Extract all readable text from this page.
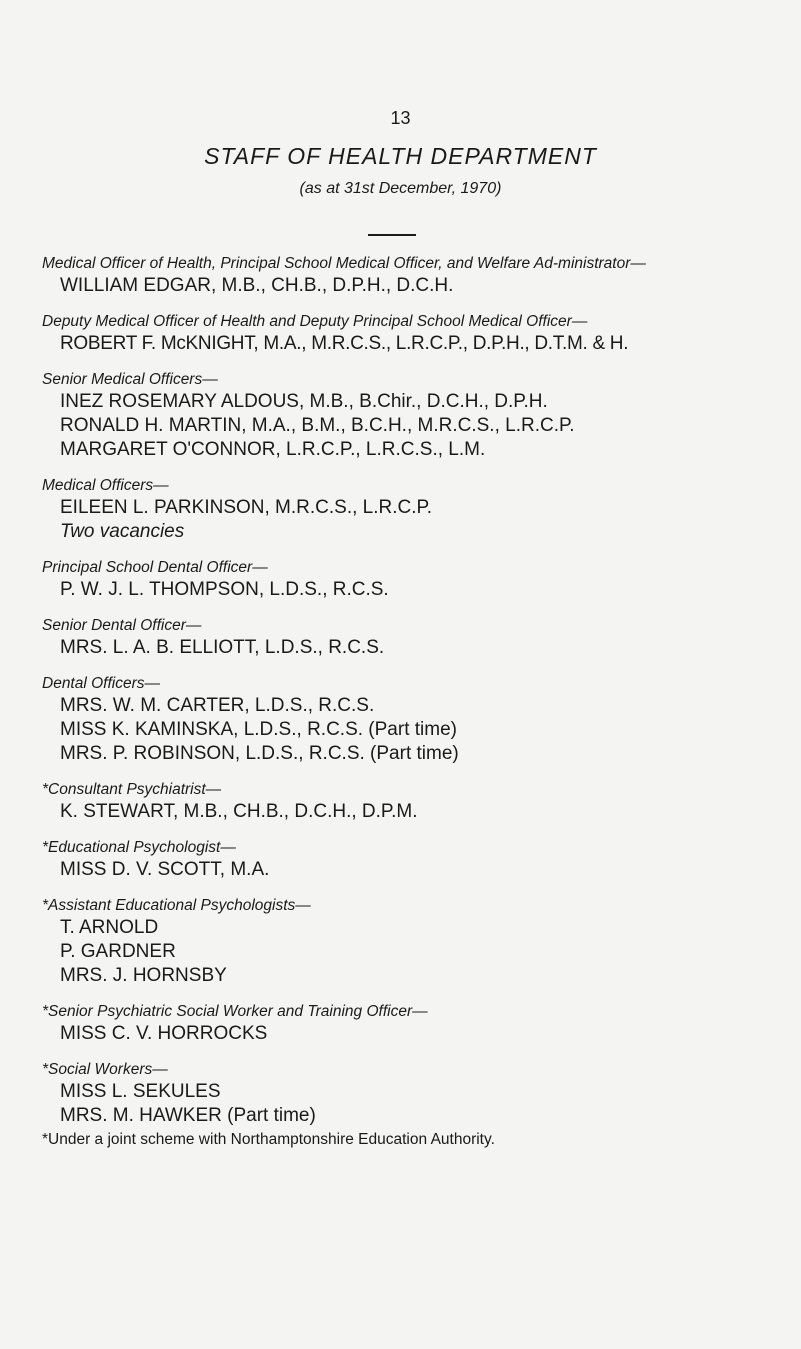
13
STAFF OF HEALTH DEPARTMENT
(as at 31st December, 1970)
Medical Officer of Health, Principal School Medical Officer, and Welfare Ad-ministrator—
WILLIAM EDGAR, M.B., CH.B., D.P.H., D.C.H.
Deputy Medical Officer of Health and Deputy Principal School Medical Officer—
ROBERT F. McKNIGHT, M.A., M.R.C.S., L.R.C.P., D.P.H., D.T.M. & H.
Senior Medical Officers—
INEZ ROSEMARY ALDOUS, M.B., B.Chir., D.C.H., D.P.H.
RONALD H. MARTIN, M.A., B.M., B.C.H., M.R.C.S., L.R.C.P.
MARGARET O'CONNOR, L.R.C.P., L.R.C.S., L.M.
Medical Officers—
EILEEN L. PARKINSON, M.R.C.S., L.R.C.P.
Two vacancies
Principal School Dental Officer—
P. W. J. L. THOMPSON, L.D.S., R.C.S.
Senior Dental Officer—
MRS. L. A. B. ELLIOTT, L.D.S., R.C.S.
Dental Officers—
MRS. W. M. CARTER, L.D.S., R.C.S.
MISS K. KAMINSKA, L.D.S., R.C.S. (Part time)
MRS. P. ROBINSON, L.D.S., R.C.S. (Part time)
*Consultant Psychiatrist—
K. STEWART, M.B., CH.B., D.C.H., D.P.M.
*Educational Psychologist—
MISS D. V. SCOTT, M.A.
*Assistant Educational Psychologists—
T. ARNOLD
P. GARDNER
MRS. J. HORNSBY
*Senior Psychiatric Social Worker and Training Officer—
MISS C. V. HORROCKS
*Social Workers—
MISS L. SEKULES
MRS. M. HAWKER (Part time)
*Under a joint scheme with Northamptonshire Education Authority.
